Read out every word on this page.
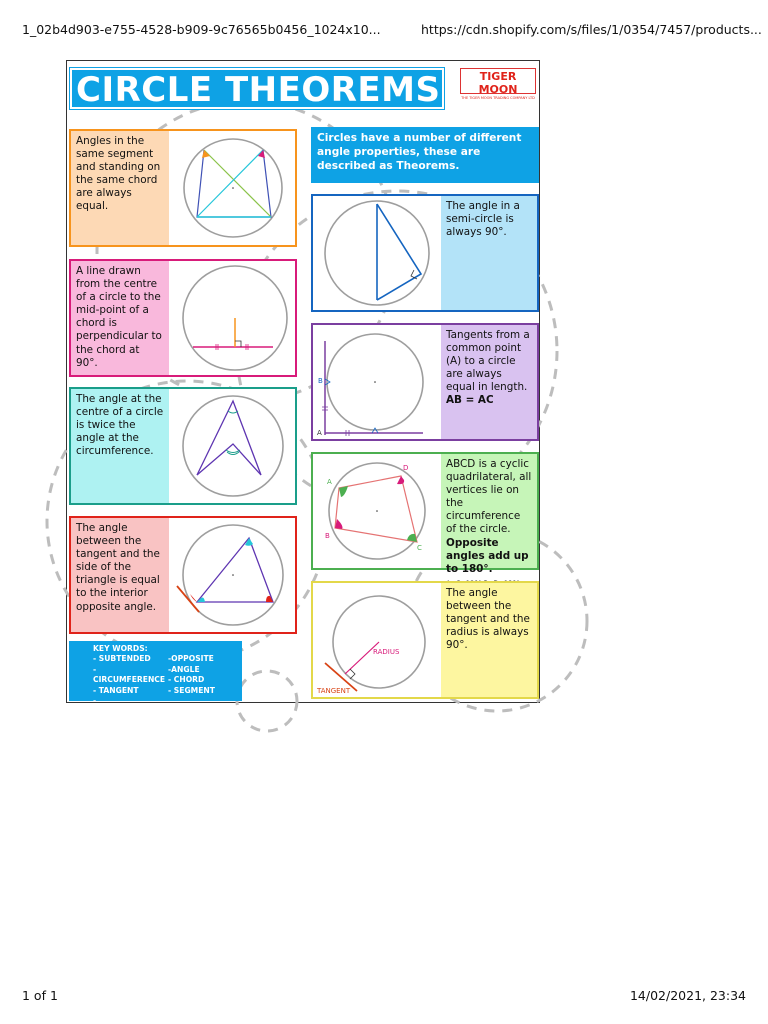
1_02b4d903-e755-4528-b909-9c76565b0456_1024x10...	https://cdn.shopify.com/s/files/1/0354/7457/products...
CIRCLE THEOREMS	TIGER MOON
THE TIGER MOON TRADING COMPANY LTD
Circles have a number of different angle properties, these are described as Theorems.
Angles in the same segment and standing on the same chord are always equal.
A line drawn from the centre of a circle to the mid-point of a chord is perpendicular to the chord at 90°.
The angle at the centre of a circle is twice the angle at the circumference.
The angle between the tangent and the side of the triangle is equal to the interior opposite angle.
The angle in a semi-circle is always 90°.
B
A
Tangents from a common point (A) to a circle are always equal in length.
AB = AC
A
D
C
B
ABCD is a cyclic quadrilateral, all vertices lie on the circumference of the circle.
Opposite angles add up to 180°.

RADIUS
TANGENT
The angle between the tangent and the radius is always 90°.
KEY WORDS:
- SUBTENDED
- CIRCUMFERENCE
- TANGENT
- PERPENDICULAR
-OPPOSITE
-ANGLE
- CHORD
- SEGMENT
1 of 1	14/02/2021, 23:34
